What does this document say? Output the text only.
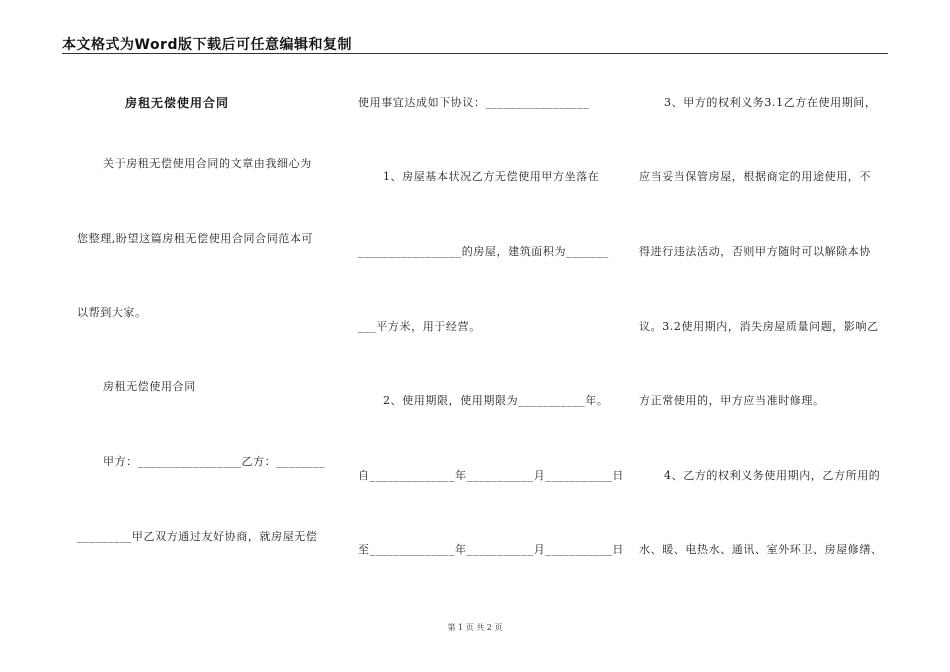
本文格式为Word版下载后可任意编辑和复制
房租无偿使用合同
关于房租无偿使用合同的文章由我细心为
您整理,盼望这篇房租无偿使用合同合同范本可
以帮到大家。
房租无偿使用合同
甲方：_________________乙方：________
_________甲乙双方通过友好协商，就房屋无偿
使用事宜达成如下协议：_________________
1、房屋基本状况乙方无偿使用甲方坐落在
_________________的房屋，建筑面积为_______
___平方米，用于经营。
2、使用期限，使用期限为___________年。
自______________年___________月___________日
至______________年___________月___________日
3、甲方的权利义务3.1乙方在使用期间，
应当妥当保管房屋，根据商定的用途使用，不
得进行违法活动，否则甲方随时可以解除本协
议。3.2使用期内，消失房屋质量问题，影响乙
方正常使用的，甲方应当准时修理。
4、乙方的权利义务使用期内，乙方所用的
水、暖、电热水、通讯、室外环卫、房屋修缮、
第 1 页 共 2 页
